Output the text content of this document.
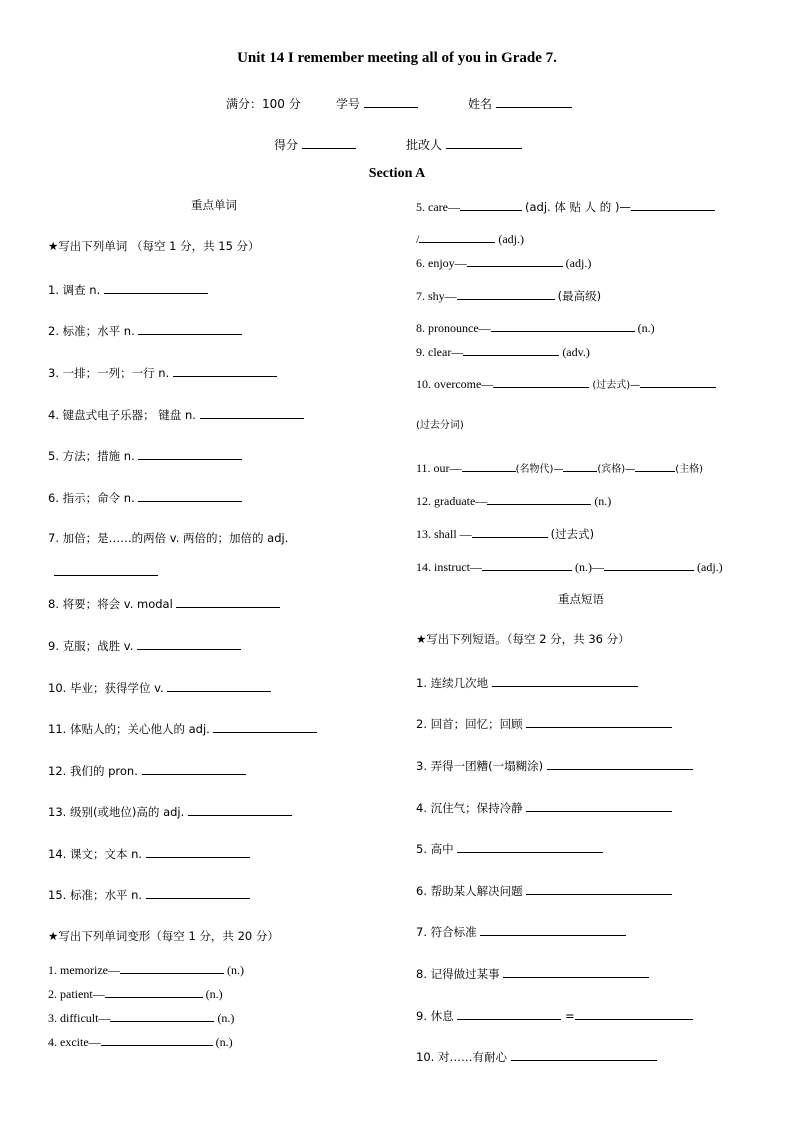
Unit 14 I remember meeting all of you in Grade 7.
满分：100 分	学号	姓名
得分	批改人
Section A
重点单词
★写出下列单词 （每空 1 分，共 15 分）
1. 调查 n.
2. 标准；水平 n.
3. 一排；一列；一行 n.
4. 键盘式电子乐器； 键盘 n.
5. 方法；措施 n.
6. 指示；命令 n.
7. 加倍；是……的两倍 v. 两倍的；加倍的 adj.
8. 将要；将会 v. modal
9. 克服；战胜 v.
10. 毕业；获得学位 v.
11. 体贴人的；关心他人的 adj.
12. 我们的 pron.
13. 级别(或地位)高的 adj.
14. 课文；文本 n.
15. 标准；水平 n.
★写出下列单词变形（每空 1 分，共 20 分）
1. memorize—	(n.)
2. patient—	(n.)
3. difficult—	(n.)
4. excite—	(n.)
5. care—	(adj. 体 贴 人 的 )—
/	(adj.)
6. enjoy—	(adj.)
7. shy—	(最高级)
8. pronounce—	(n.)
9. clear—	(adv.)
10. overcome—	(过去式)—
(过去分词)
11. our—	(名物代)—	(宾格)—	(主格)
12. graduate—	(n.)
13. shall —	(过去式)
14. instruct—	(n.)—	(adj.)
重点短语
★写出下列短语。（每空 2 分，共 36 分）
1. 连续几次地
2. 回首；回忆；回顾
3. 弄得一团糟(一塌糊涂)
4. 沉住气；保持冷静
5. 高中
6. 帮助某人解决问题
7. 符合标准
8. 记得做过某事
9. 休息	=
10. 对……有耐心
